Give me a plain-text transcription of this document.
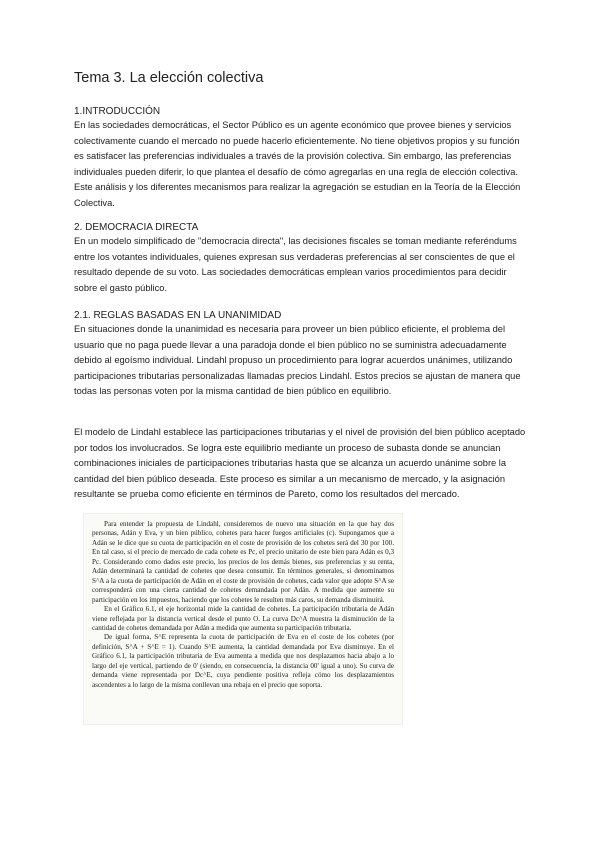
Tema 3. La elección colectiva
1.INTRODUCCIÓN

En las sociedades democráticas, el Sector Público es un agente económico que provee bienes y servicios colectivamente cuando el mercado no puede hacerlo eficientemente. No tiene objetivos propios y su función es satisfacer las preferencias individuales a través de la provisión colectiva. Sin embargo, las preferencias individuales pueden diferir, lo que plantea el desafío de cómo agregarlas en una regla de elección colectiva. Este análisis y los diferentes mecanismos para realizar la agregación se estudian en la Teoría de la Elección Colectiva.

2. DEMOCRACIA DIRECTA

En un modelo simplificado de "democracia directa", las decisiones fiscales se toman mediante referéndums entre los votantes individuales, quienes expresan sus verdaderas preferencias al ser conscientes de que el resultado depende de su voto. Las sociedades democráticas emplean varios procedimientos para decidir sobre el gasto público.

2.1. REGLAS BASADAS EN LA UNANIMIDAD

En situaciones donde la unanimidad es necesaria para proveer un bien público eficiente, el problema del usuario que no paga puede llevar a una paradoja donde el bien público no se suministra adecuadamente debido al egoísmo individual. Lindahl propuso un procedimiento para lograr acuerdos unánimes, utilizando participaciones tributarias personalizadas llamadas precios Lindahl. Estos precios se ajustan de manera que todas las personas voten por la misma cantidad de bien público en equilibrio.

El modelo de Lindahl establece las participaciones tributarias y el nivel de provisión del bien público aceptado por todos los involucrados. Se logra este equilibrio mediante un proceso de subasta donde se anuncian combinaciones iniciales de participaciones tributarias hasta que se alcanza un acuerdo unánime sobre la cantidad del bien público deseada. Este proceso es similar a un mecanismo de mercado, y la asignación resultante se prueba como eficiente en términos de Pareto, como los resultados del mercado.

Para entender la propuesta de Lindahl, consideremos de nuevo una situación en la que hay dos personas, Adán y Eva, y un bien público, cohetes para hacer fuegos artificiales (c). Supongamos que a Adán se le dice que su cuota de participación en el coste de provisión de los cohetes será del 30 por 100. En tal caso, si el precio de mercado de cada cohete es Pc, el precio unitario de este bien para Adán es 0,3 Pc. Considerando como dados este precio, los precios de los demás bienes, sus preferencias y su renta, Adán determinará la cantidad de cohetes que desea consumir. En términos generales, si denominamos S^A a la cuota de participación de Adán en el coste de provisión de cohetes, cada valor que adopte S^A se corresponderá con una cierta cantidad de cohetes demandada por Adán. A medida que aumente su participación en los impuestos, haciendo que los cohetes le resulten más caros, su demanda disminuirá.

En el Gráfico 6.1, el eje horizontal mide la cantidad de cohetes. La participación tributaria de Adán viene reflejada por la distancia vertical desde el punto O. La curva Dc^A muestra la disminución de la cantidad de cohetes demandada por Adán a medida que aumenta su participación tributaria.

De igual forma, S^E representa la cuota de participación de Eva en el coste de los cohetes (por definición, S^A + S^E = 1). Cuando S^E aumenta, la cantidad demandada por Eva disminuye. En el Gráfico 6.1, la participación tributaria de Eva aumenta a medida que nos desplazamos hacia abajo a lo largo del eje vertical, partiendo de 0' (siendo, en consecuencia, la distancia 00' igual a uno). Su curva de demanda viene representada por Dc^E, cuya pendiente positiva refleja cómo los desplazamientos ascendentes a lo largo de la misma conllevan una rebaja en el precio que soporta.
